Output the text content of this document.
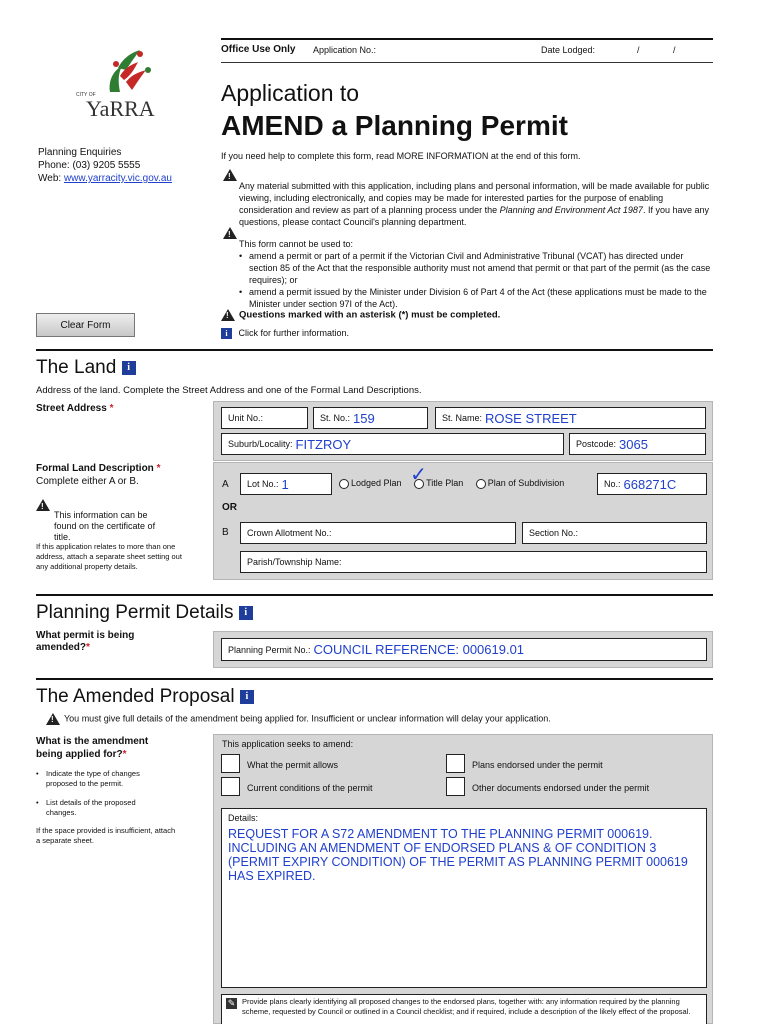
Office Use Only Application No.:	Date Lodged:	/	/
CITY OF
YaRRA
Planning Enquiries
Phone: (03) 9205 5555
Web: www.yarracity.vic.gov.au
Application to
AMEND a Planning Permit
If you need help to complete this form, read MORE INFORMATION at the end of this form.
!
Any material submitted with this application, including plans and personal information, will be made available for public viewing, including electronically, and copies may be made for interested parties for the purpose of enabling consideration and review as part of a planning process under the Planning and Environment Act 1987. If you have any questions, please contact Council's planning department.
!
This form cannot be used to:
• amend a permit or part of a permit if the Victorian Civil and Administrative Tribunal (VCAT) has directed under section 85 of the Act that the responsible authority must not amend that permit or that part of the permit (as the case requires); or
• amend a permit issued by the Minister under Division 6 of Part 4 of the Act (these applications must be made to the Minister under section 97I of the Act).
!Questions marked with an asterisk (*) must be completed.
i Click for further information.
Clear Form
The Land i
Address of the land. Complete the Street Address and one of the Formal Land Descriptions.
Street Address *
Unit No.:	St. No.: 159	St. Name: ROSE STREET
Suburb/Locality: FITZROY	Postcode: 3065
Formal Land Description *
Complete either A or B.
!
This information can be found on the certificate of title.
If this application relates to more than one address, attach a separate sheet setting out any additional property details.
A Lot No.: 1	Lodged Plan	Title Plan
✓	Plan of Subdivision	No.: 668271C
OR
B Crown Allotment No.:	Section No.:
Parish/Township Name:
Planning Permit Details i
What permit is being amended?*	Planning Permit No.: COUNCIL REFERENCE: 000619.01
The Amended Proposal i
!You must give full details of the amendment being applied for. Insufficient or unclear information will delay your application.
What is the amendment being applied for?*
• Indicate the type of changes proposed to the permit.
• List details of the proposed changes.
If the space provided is insufficient, attach a separate sheet.
This application seeks to amend:
What the permit allows	Plans endorsed under the permit
Current conditions of the permit	Other documents endorsed under the permit
Details:
REQUEST FOR A S72 AMENDMENT TO THE PLANNING PERMIT 000619. INCLUDING AN AMENDMENT OF ENDORSED PLANS & OF CONDITION 3 (PERMIT EXPIRY CONDITION) OF THE PERMIT AS PLANNING PERMIT 000619 HAS EXPIRED.
✎ Provide plans clearly identifying all proposed changes to the endorsed plans, together with: any information required by the planning scheme, requested by Council or outlined in a Council checklist; and if required, include a description of the likely effect of the proposal.
